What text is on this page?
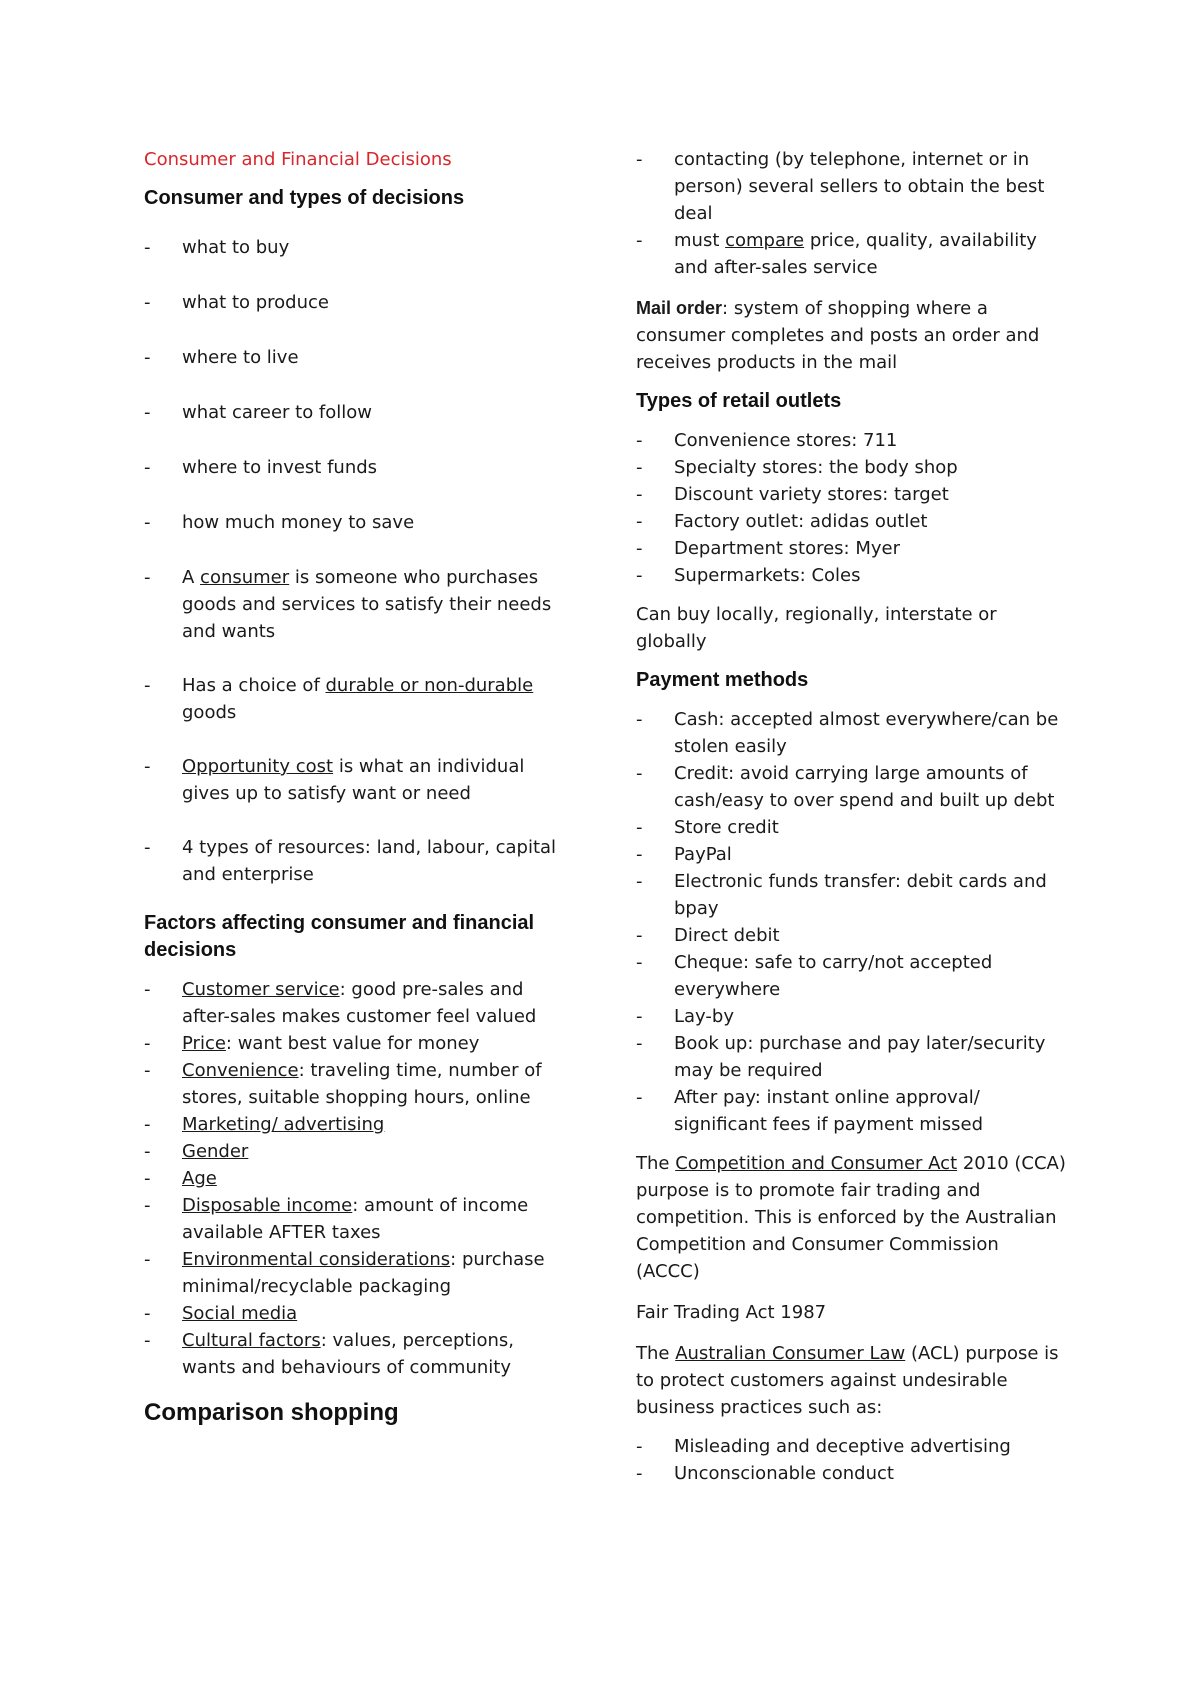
Consumer and Financial Decisions

Consumer and types of decisions

- what to buy
- what to produce
- where to live
- what career to follow
- where to invest funds
- how much money to save
- A consumer is someone who purchases goods and services to satisfy their needs and wants
- Has a choice of durable or non-durable goods
- Opportunity cost is what an individual gives up to satisfy want or need
- 4 types of resources: land, labour, capital and enterprise

Factors affecting consumer and financial decisions

- Customer service: good pre-sales and after-sales makes customer feel valued
- Price: want best value for money
- Convenience: traveling time, number of stores, suitable shopping hours, online
- Marketing/ advertising
- Gender
- Age
- Disposable income: amount of income available AFTER taxes
- Environmental considerations: purchase minimal/recyclable packaging
- Social media
- Cultural factors: values, perceptions, wants and behaviours of community

Comparison shopping

- contacting (by telephone, internet or in person) several sellers to obtain the best deal
- must compare price, quality, availability and after-sales service

Mail order: system of shopping where a consumer completes and posts an order and receives products in the mail

Types of retail outlets

- Convenience stores: 711
- Specialty stores: the body shop
- Discount variety stores: target
- Factory outlet: adidas outlet
- Department stores: Myer
- Supermarkets: Coles

Can buy locally, regionally, interstate or globally

Payment methods

- Cash: accepted almost everywhere/can be stolen easily
- Credit: avoid carrying large amounts of cash/easy to over spend and built up debt
- Store credit
- PayPal
- Electronic funds transfer: debit cards and bpay
- Direct debit
- Cheque: safe to carry/not accepted everywhere
- Lay-by
- Book up: purchase and pay later/security may be required
- After pay: instant online approval/ significant fees if payment missed

The Competition and Consumer Act 2010 (CCA) purpose is to promote fair trading and competition. This is enforced by the Australian Competition and Consumer Commission (ACCC)

Fair Trading Act 1987

The Australian Consumer Law (ACL) purpose is to protect customers against undesirable business practices such as:

- Misleading and deceptive advertising
- Unconscionable conduct
